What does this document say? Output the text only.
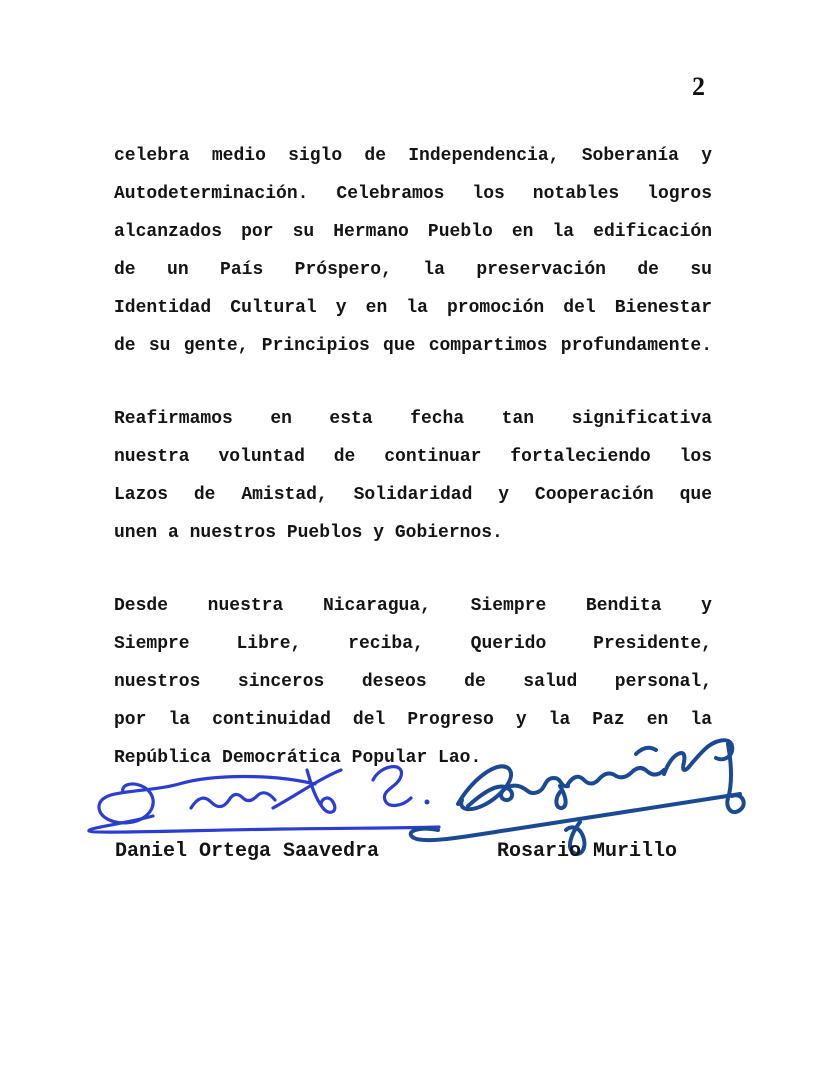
2
celebra medio siglo de Independencia, Soberanía y
Autodeterminación. Celebramos los notables logros
alcanzados por su Hermano Pueblo en la edificación
de un País Próspero, la preservación de su
Identidad Cultural y en la promoción del Bienestar
de su gente, Principios que compartimos profundamente.
Reafirmamos en esta fecha tan significativa
nuestra voluntad de continuar fortaleciendo los
Lazos de Amistad, Solidaridad y Cooperación que
unen a nuestros Pueblos y Gobiernos.
Desde nuestra Nicaragua, Siempre Bendita y
Siempre Libre, reciba, Querido Presidente,
nuestros sinceros deseos de salud personal,
por la continuidad del Progreso y la Paz en la
República Democrática Popular Lao.
Daniel Ortega Saavedra	Rosario Murillo
